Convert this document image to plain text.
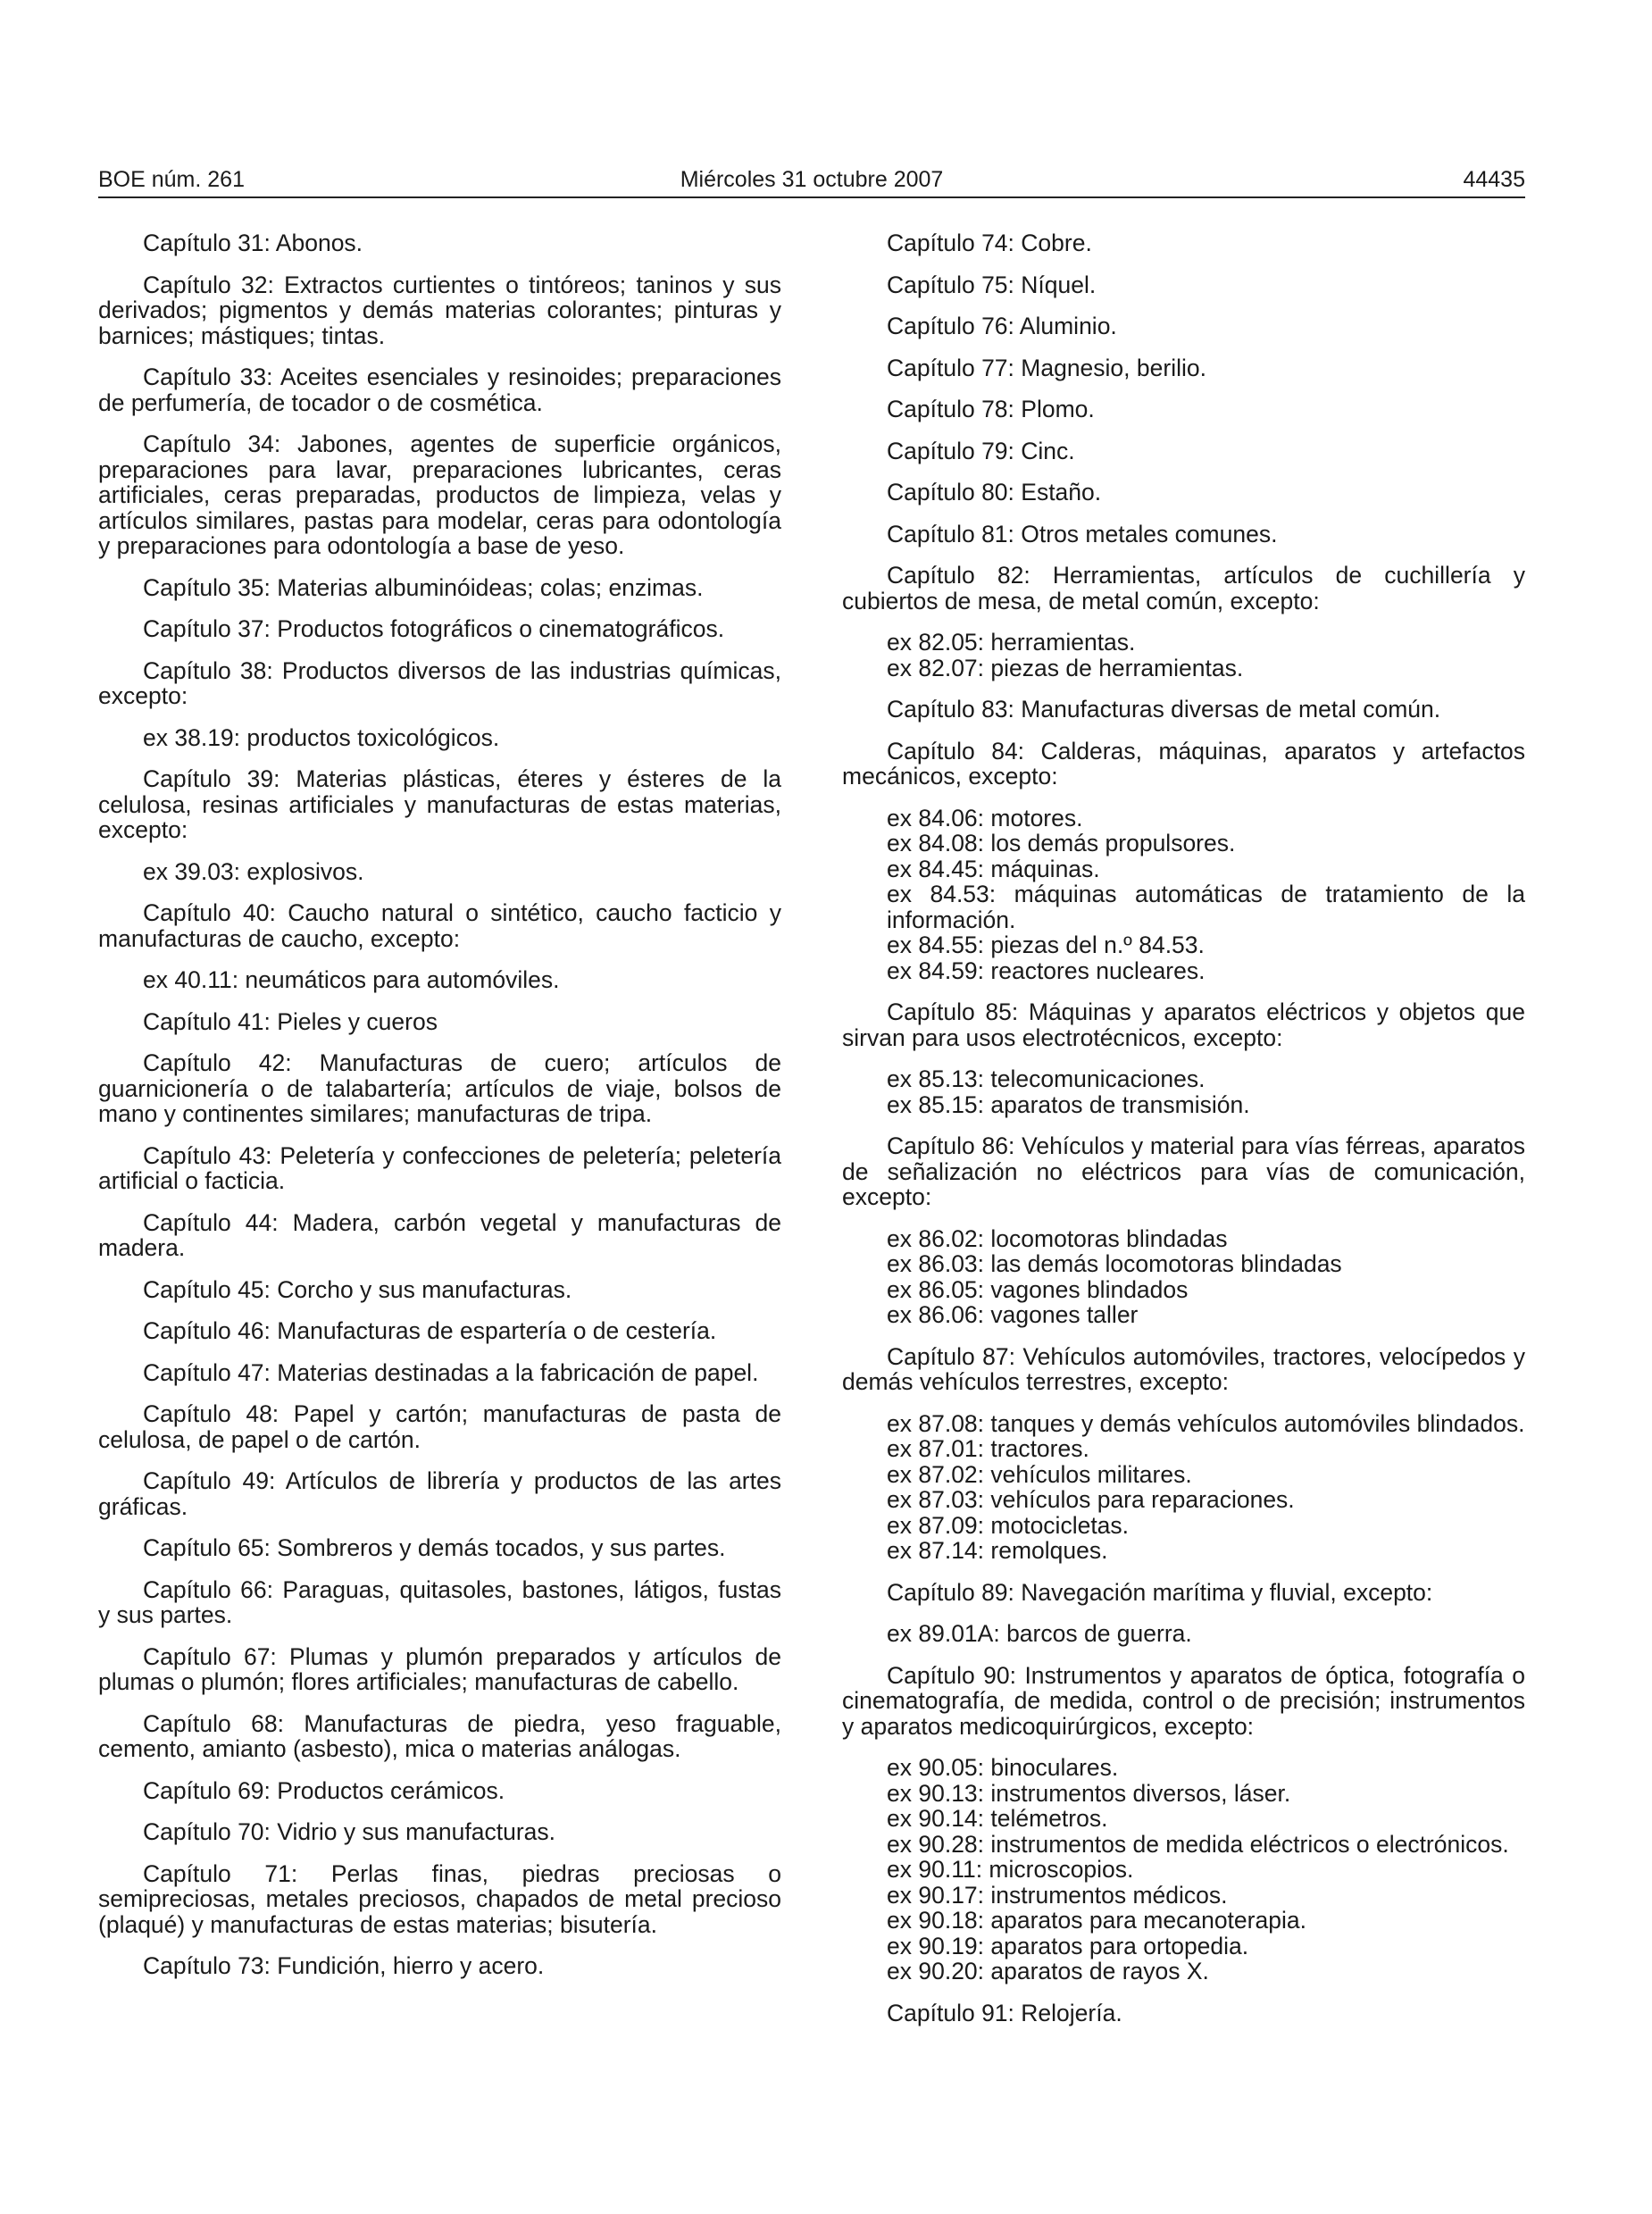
BOE núm. 261	Miércoles 31 octubre 2007	44435

Capítulo 31: Abonos.

Capítulo 32: Extractos curtientes o tintóreos; taninos y sus derivados; pigmentos y demás materias colorantes; pinturas y barnices; mástiques; tintas.

Capítulo 33: Aceites esenciales y resinoides; preparaciones de perfumería, de tocador o de cosmética.

Capítulo 34: Jabones, agentes de superficie orgánicos, preparaciones para lavar, preparaciones lubricantes, ceras artificiales, ceras preparadas, productos de limpieza, velas y artículos similares, pastas para modelar, ceras para odontología y preparaciones para odontología a base de yeso.

Capítulo 35: Materias albuminóideas; colas; enzimas.

Capítulo 37: Productos fotográficos o cinematográficos.

Capítulo 38: Productos diversos de las industrias químicas, excepto:

ex 38.19: productos toxicológicos.

Capítulo 39: Materias plásticas, éteres y ésteres de la celulosa, resinas artificiales y manufacturas de estas materias, excepto:

ex 39.03: explosivos.

Capítulo 40: Caucho natural o sintético, caucho facticio y manufacturas de caucho, excepto:

ex 40.11: neumáticos para automóviles.

Capítulo 41: Pieles y cueros

Capítulo 42: Manufacturas de cuero; artículos de guarnicionería o de talabartería; artículos de viaje, bolsos de mano y continentes similares; manufacturas de tripa.

Capítulo 43: Peletería y confecciones de peletería; peletería artificial o facticia.

Capítulo 44: Madera, carbón vegetal y manufacturas de madera.

Capítulo 45: Corcho y sus manufacturas.

Capítulo 46: Manufacturas de espartería o de cestería.

Capítulo 47: Materias destinadas a la fabricación de papel.

Capítulo 48: Papel y cartón; manufacturas de pasta de celulosa, de papel o de cartón.

Capítulo 49: Artículos de librería y productos de las artes gráficas.

Capítulo 65: Sombreros y demás tocados, y sus partes.

Capítulo 66: Paraguas, quitasoles, bastones, látigos, fustas y sus partes.

Capítulo 67: Plumas y plumón preparados y artículos de plumas o plumón; flores artificiales; manufacturas de cabello.

Capítulo 68: Manufacturas de piedra, yeso fraguable, cemento, amianto (asbesto), mica o materias análogas.

Capítulo 69: Productos cerámicos.

Capítulo 70: Vidrio y sus manufacturas.

Capítulo 71: Perlas finas, piedras preciosas o semipreciosas, metales preciosos, chapados de metal precioso (plaqué) y manufacturas de estas materias; bisutería.

Capítulo 73: Fundición, hierro y acero.

Capítulo 74: Cobre.

Capítulo 75: Níquel.

Capítulo 76: Aluminio.

Capítulo 77: Magnesio, berilio.

Capítulo 78: Plomo.

Capítulo 79: Cinc.

Capítulo 80: Estaño.

Capítulo 81: Otros metales comunes.

Capítulo 82: Herramientas, artículos de cuchillería y cubiertos de mesa, de metal común, excepto:

ex 82.05: herramientas.
ex 82.07: piezas de herramientas.

Capítulo 83: Manufacturas diversas de metal común.

Capítulo 84: Calderas, máquinas, aparatos y artefactos mecánicos, excepto:

ex 84.06: motores.
ex 84.08: los demás propulsores.
ex 84.45: máquinas.
ex 84.53: máquinas automáticas de tratamiento de la información.
ex 84.55: piezas del n.º 84.53.
ex 84.59: reactores nucleares.

Capítulo 85: Máquinas y aparatos eléctricos y objetos que sirvan para usos electrotécnicos, excepto:

ex 85.13: telecomunicaciones.
ex 85.15: aparatos de transmisión.

Capítulo 86: Vehículos y material para vías férreas, aparatos de señalización no eléctricos para vías de comunicación, excepto:

ex 86.02: locomotoras blindadas
ex 86.03: las demás locomotoras blindadas
ex 86.05: vagones blindados
ex 86.06: vagones taller

Capítulo 87: Vehículos automóviles, tractores, velocípedos y demás vehículos terrestres, excepto:

ex 87.08: tanques y demás vehículos automóviles blindados.
ex 87.01: tractores.
ex 87.02: vehículos militares.
ex 87.03: vehículos para reparaciones.
ex 87.09: motocicletas.
ex 87.14: remolques.

Capítulo 89: Navegación marítima y fluvial, excepto:

ex 89.01A: barcos de guerra.

Capítulo 90: Instrumentos y aparatos de óptica, fotografía o cinematografía, de medida, control o de precisión; instrumentos y aparatos medicoquirúrgicos, excepto:

ex 90.05: binoculares.
ex 90.13: instrumentos diversos, láser.
ex 90.14: telémetros.
ex 90.28: instrumentos de medida eléctricos o electrónicos.
ex 90.11: microscopios.
ex 90.17: instrumentos médicos.
ex 90.18: aparatos para mecanoterapia.
ex 90.19: aparatos para ortopedia.
ex 90.20: aparatos de rayos X.

Capítulo 91: Relojería.
